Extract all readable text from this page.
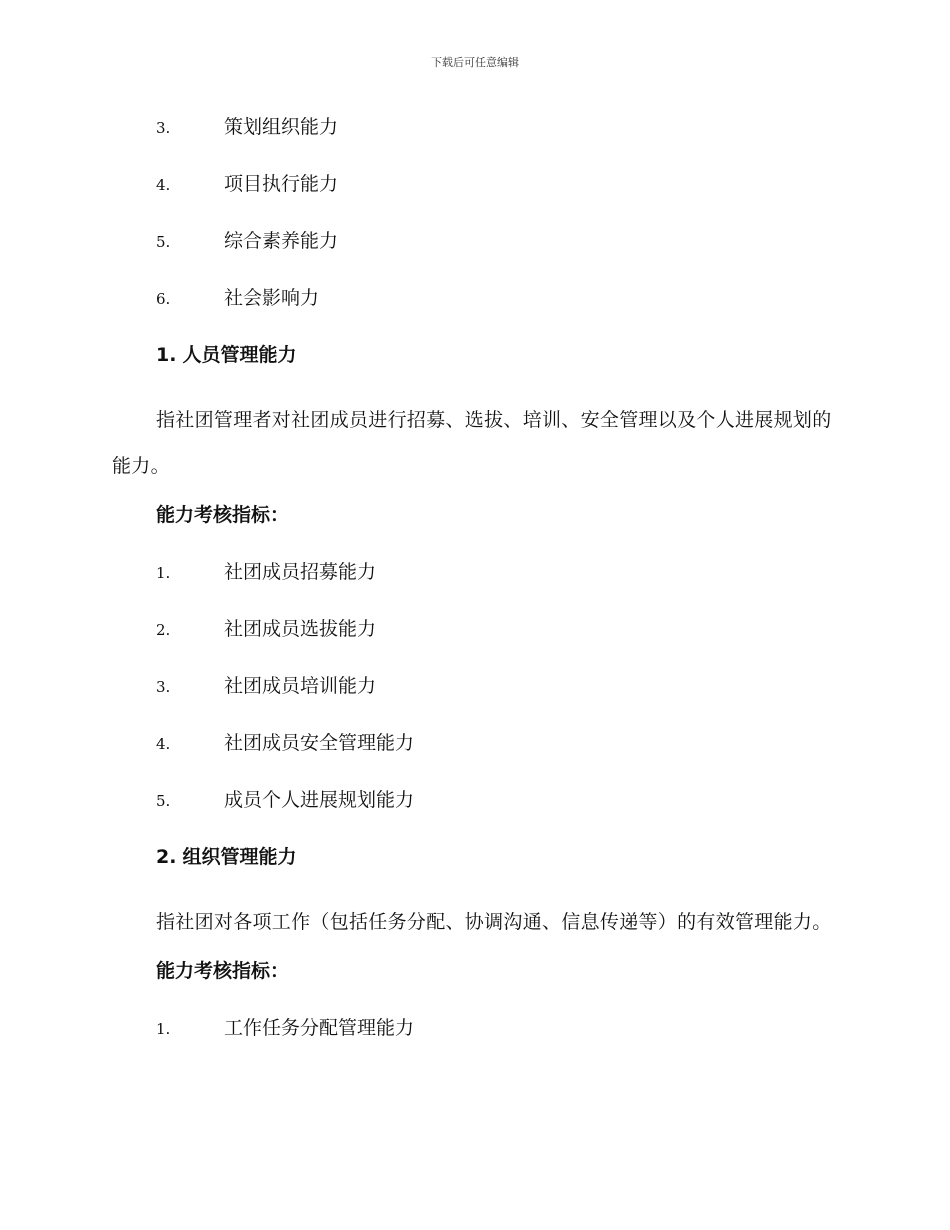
下载后可任意编辑
3.	策划组织能力
4.	项目执行能力
5.	综合素养能力
6.	社会影响力
1. 人员管理能力

指社团管理者对社团成员进行招募、选拔、培训、安全管理以及个人进展规划的能力。

能力考核指标：
1.	社团成员招募能力
2.	社团成员选拔能力
3.	社团成员培训能力
4.	社团成员安全管理能力
5.	成员个人进展规划能力
2. 组织管理能力

指社团对各项工作（包括任务分配、协调沟通、信息传递等）的有效管理能力。

能力考核指标：
1.	工作任务分配管理能力
